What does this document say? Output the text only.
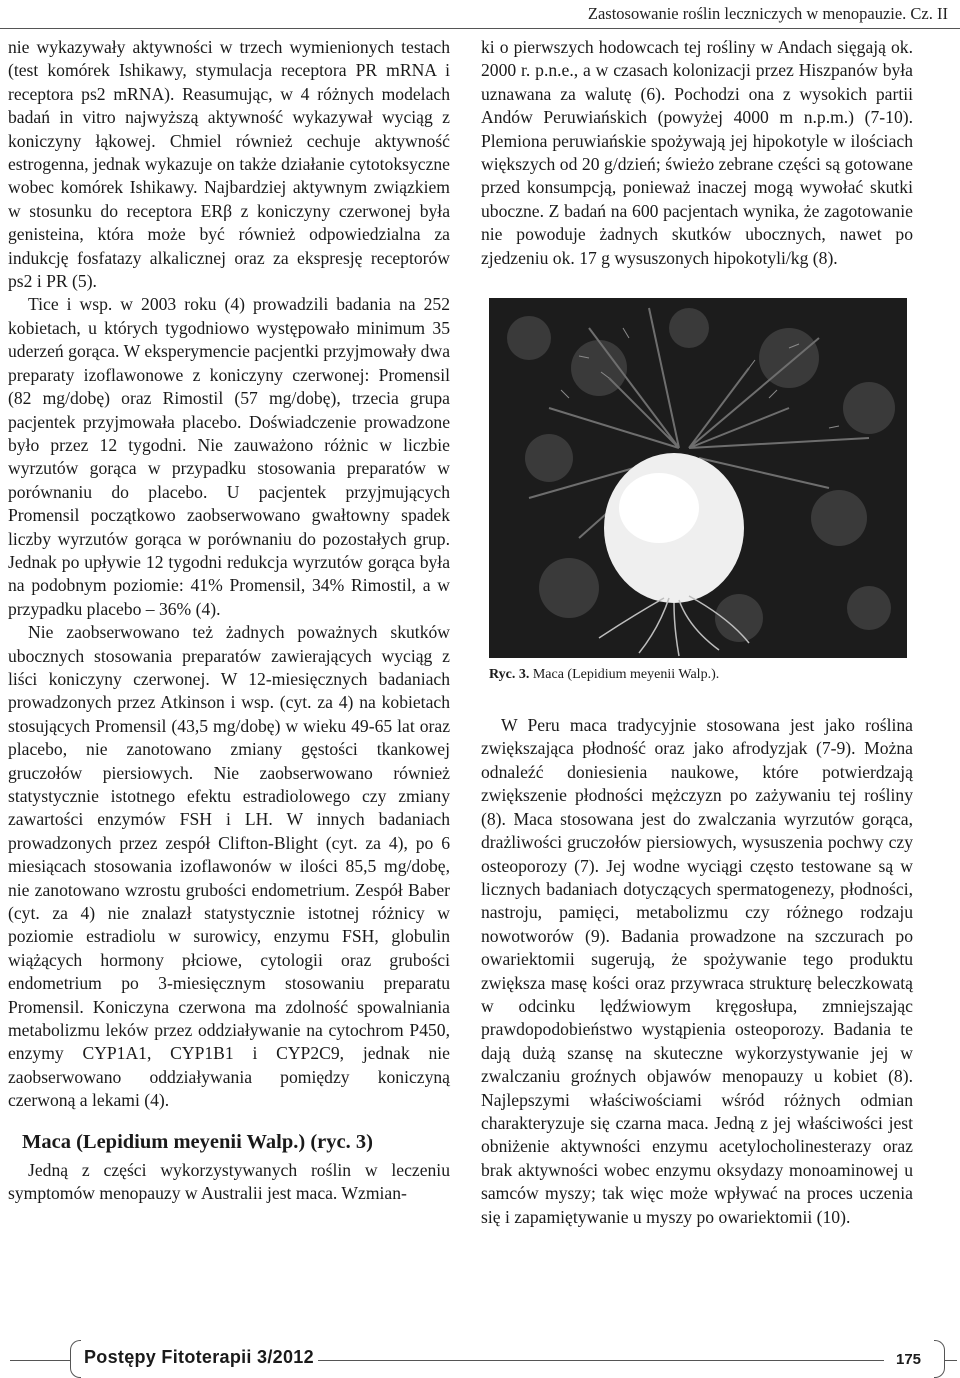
Zastosowanie roślin leczniczych w menopauzie. Cz. II

nie wykazywały aktywności w trzech wymienionych testach (test komórek Ishikawy, stymulacja receptora PR mRNA i receptora ps2 mRNA). Reasumując, w 4 różnych modelach badań in vitro najwyższą aktywność wykazywał wyciąg z koniczyny łąkowej. Chmiel również cechuje aktywność estrogenna, jednak wykazuje on także działanie cytotoksyczne wobec komórek Ishikawy. Najbardziej aktywnym związkiem w stosunku do receptora ERβ z koniczyny czerwonej była genisteina, która może być również odpowiedzialna za indukcję fosfatazy alkalicznej oraz za ekspresję receptorów ps2 i PR (5).

Tice i wsp. w 2003 roku (4) prowadzili badania na 252 kobietach, u których tygodniowo występowało minimum 35 uderzeń gorąca. W eksperymencie pacjentki przyjmowały dwa preparaty izoflawonowe z koniczyny czerwonej: Promensil (82 mg/dobę) oraz Rimostil (57 mg/dobę), trzecia grupa pacjentek przyjmowała placebo. Doświadczenie prowadzone było przez 12 tygodni. Nie zauważono różnic w liczbie wyrzutów gorąca w przypadku stosowania preparatów w porównaniu do placebo. U pacjentek przyjmujących Promensil początkowo zaobserwowano gwałtowny spadek liczby wyrzutów gorąca w porównaniu do pozostałych grup. Jednak po upływie 12 tygodni redukcja wyrzutów gorąca była na podobnym poziomie: 41% Promensil, 34% Rimostil, a w przypadku placebo – 36% (4).

Nie zaobserwowano też żadnych poważnych skutków ubocznych stosowania preparatów zawierających wyciąg z liści koniczyny czerwonej. W 12-miesięcznych badaniach prowadzonych przez Atkinson i wsp. (cyt. za 4) na kobietach stosujących Promensil (43,5 mg/dobę) w wieku 49-65 lat oraz placebo, nie zanotowano zmiany gęstości tkankowej gruczołów piersiowych. Nie zaobserwowano również statystycznie istotnego efektu estradiolowego czy zmiany zawartości enzymów FSH i LH. W innych badaniach prowadzonych przez zespół Clifton-Blight (cyt. za 4), po 6 miesiącach stosowania izoflawonów w ilości 85,5 mg/dobę, nie zanotowano wzrostu grubości endometrium. Zespół Baber (cyt. za 4) nie znalazł statystycznie istotnej różnicy w poziomie estradiolu w surowicy, enzymu FSH, globulin wiążących hormony płciowe, cytologii oraz grubości endometrium po 3-miesięcznym stosowaniu preparatu Promensil. Koniczyna czerwona ma zdolność spowalniania metabolizmu leków przez oddziaływanie na cytochrom P450, enzymy CYP1A1, CYP1B1 i CYP2C9, jednak nie zaobserwowano oddziaływania pomiędzy koniczyną czerwoną a lekami (4).

Maca (Lepidium meyenii Walp.) (ryc. 3)

Jedną z części wykorzystywanych roślin w leczeniu symptomów menopauzy w Australii jest maca. Wzmian-

ki o pierwszych hodowcach tej rośliny w Andach sięgają ok. 2000 r. p.n.e., a w czasach kolonizacji przez Hiszpanów była uznawana za walutę (6). Pochodzi ona z wysokich partii Andów Peruwiańskich (powyżej 4000 m n.p.m.) (7-10). Plemiona peruwiańskie spożywają jej hipokotyle w ilościach większych od 20 g/dzień; świeżo zebrane części są gotowane przed konsumpcją, ponieważ inaczej mogą wywołać skutki uboczne. Z badań na 600 pacjentach wynika, że zagotowanie nie powoduje żadnych skutków ubocznych, nawet po zjedzeniu ok. 17 g wysuszonych hipokotyli/kg (8).

Ryc. 3. Maca (Lepidium meyenii Walp.).

W Peru maca tradycyjnie stosowana jest jako roślina zwiększająca płodność oraz jako afrodyzjak (7-9). Można odnaleźć doniesienia naukowe, które potwierdzają zwiększenie płodności mężczyzn po zażywaniu tej rośliny (8). Maca stosowana jest do zwalczania wyrzutów gorąca, drażliwości gruczołów piersiowych, wysuszenia pochwy czy osteoporozy (7). Jej wodne wyciągi często testowane są w licznych badaniach dotyczących spermatogenezy, płodności, nastroju, pamięci, metabolizmu czy różnego rodzaju nowotworów (9). Badania prowadzone na szczurach po owariektomii sugerują, że spożywanie tego produktu zwiększa masę kości oraz przywraca strukturę beleczkowatą w odcinku lędźwiowym kręgosłupa, zmniejszając prawdopodobieństwo wystąpienia osteoporozy. Badania te dają dużą szansę na skuteczne wykorzystywanie jej w zwalczaniu groźnych objawów menopauzy u kobiet (8). Najlepszymi właściwościami wśród różnych odmian charakteryzuje się czarna maca. Jedną z jej właściwości jest obniżenie aktywności enzymu acetylocholinesterazy oraz brak aktywności wobec enzymu oksydazy monoaminowej u samców myszy; tak więc może wpływać na proces uczenia się i zapamiętywanie u myszy po owariektomii (10).

Postępy Fitoterapii 3/2012	175
